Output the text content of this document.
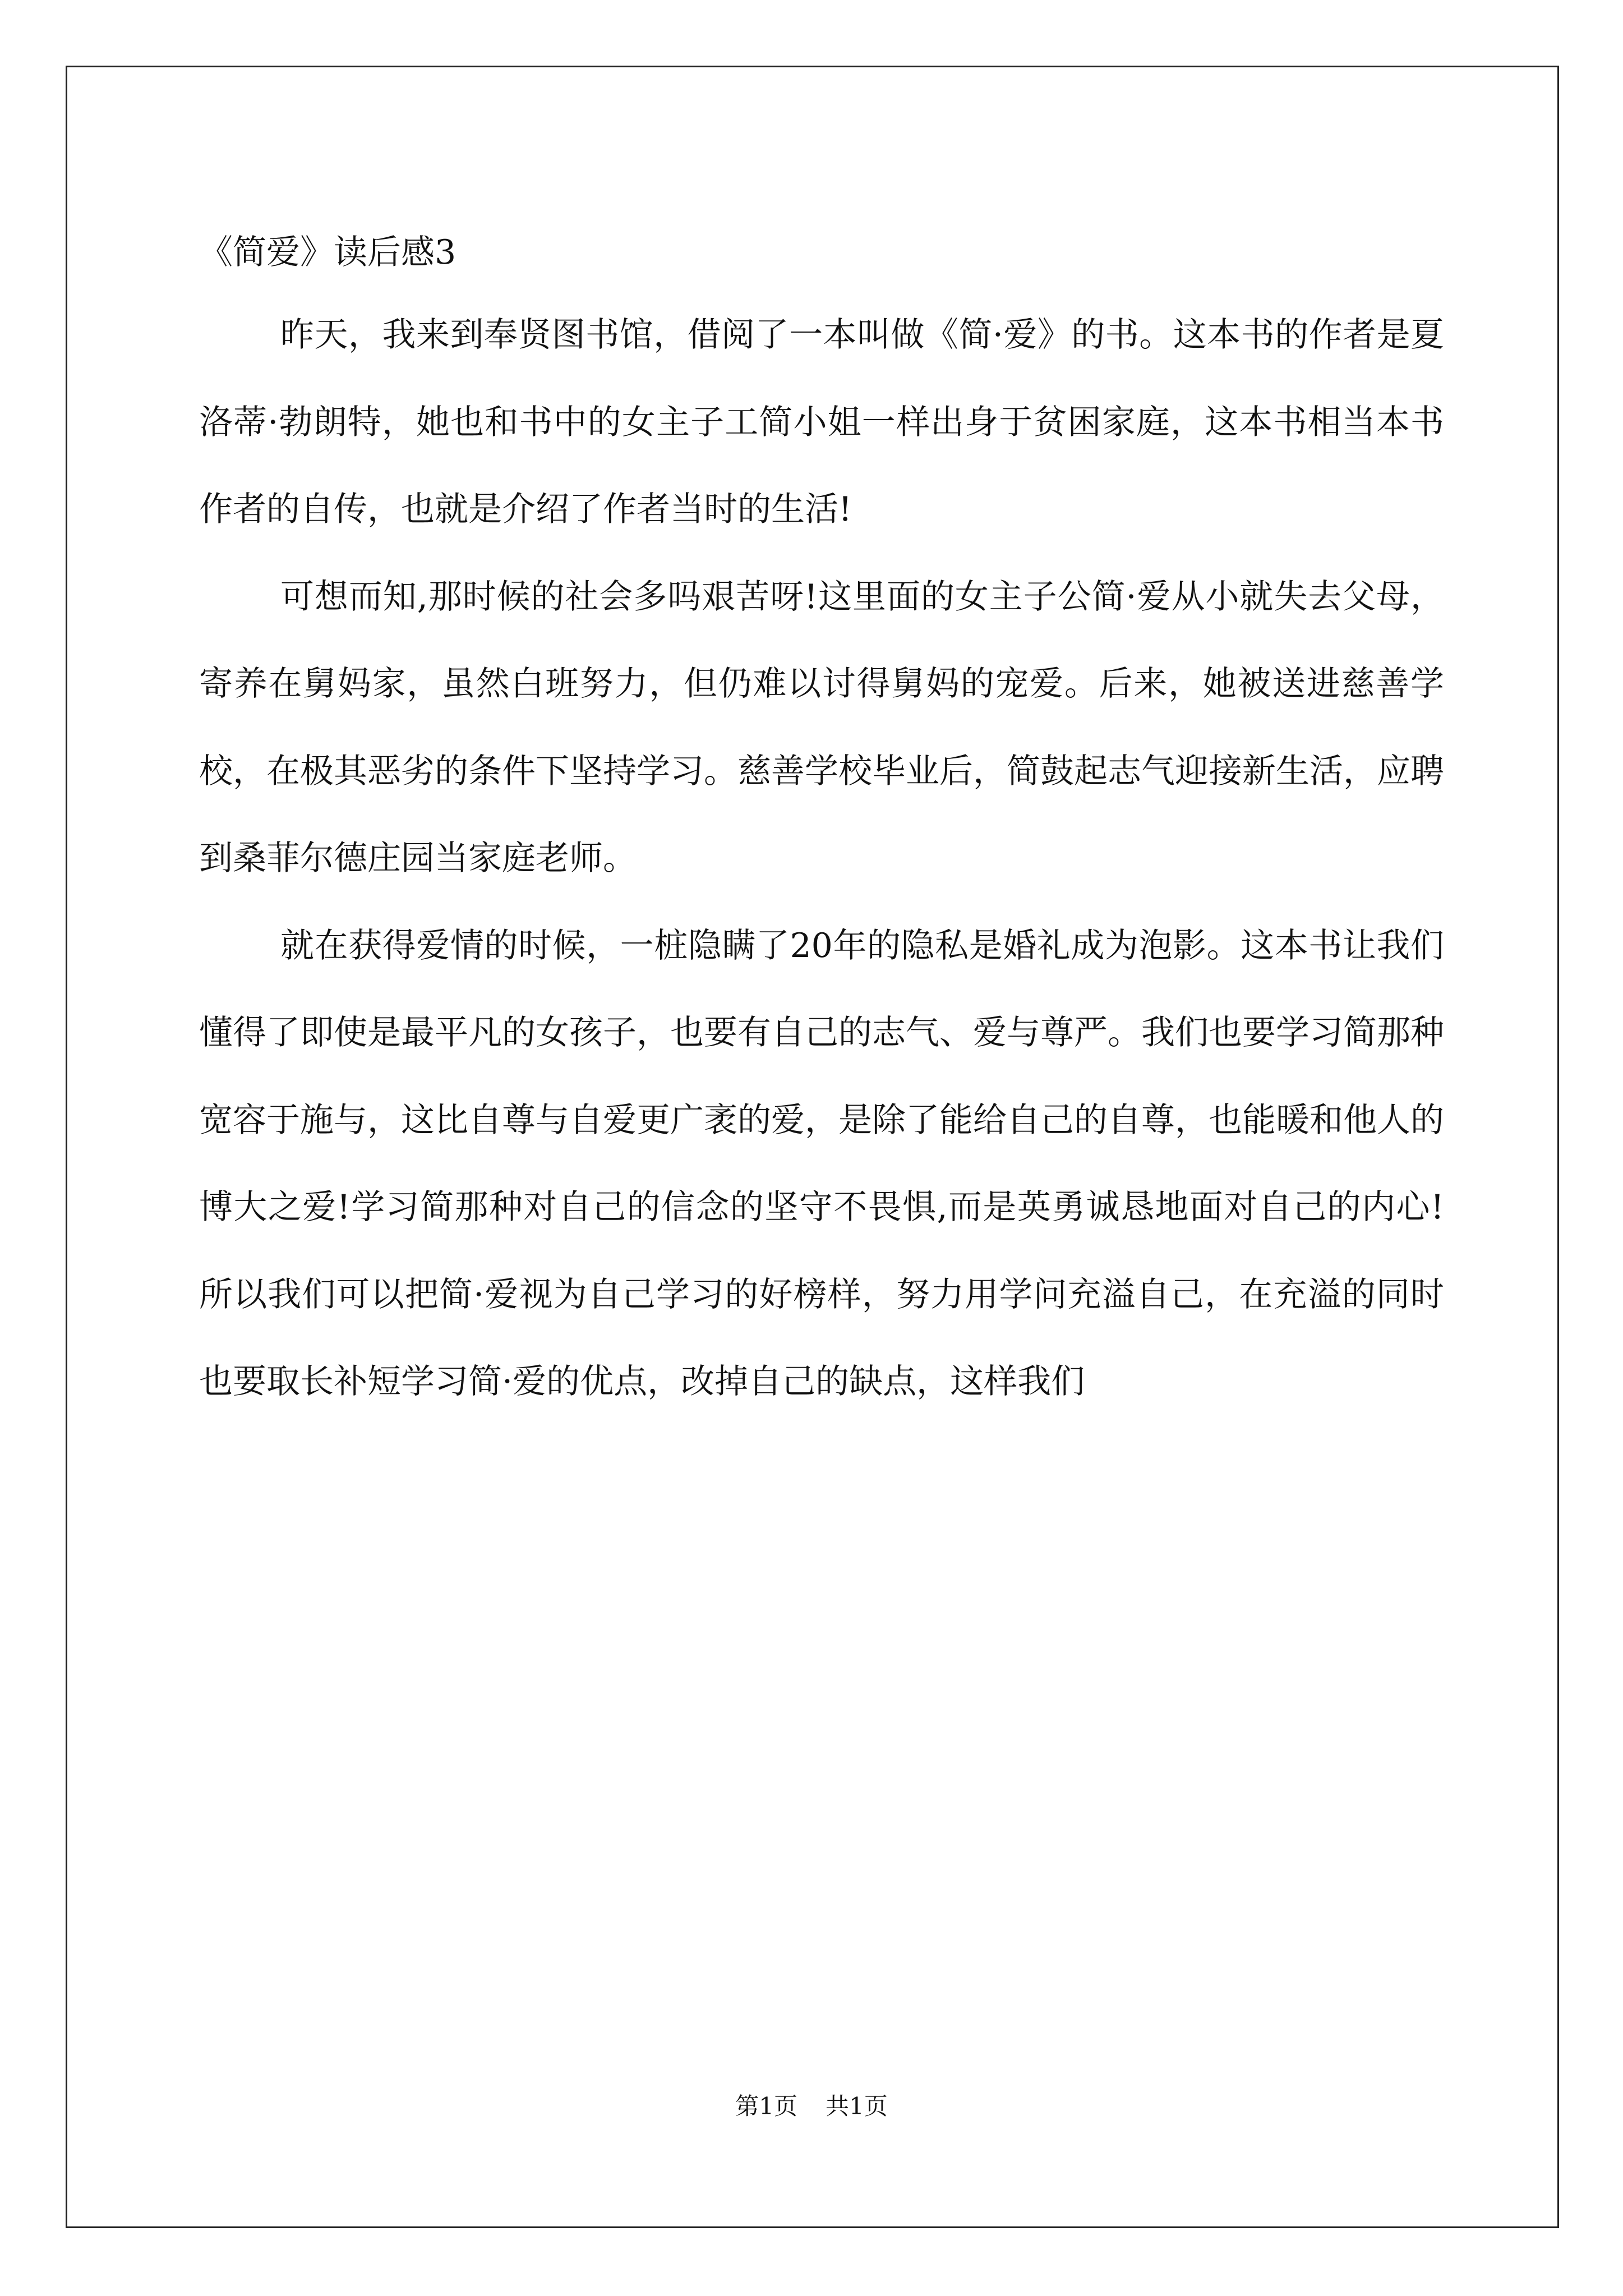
《简爱》读后感3

昨天，我来到奉贤图书馆，借阅了一本叫做《简·爱》的书。这本书的作者是夏洛蒂·勃朗特，她也和书中的女主子工简小姐一样出身于贫困家庭，这本书相当本书作者的自传，也就是介绍了作者当时的生活!

可想而知,那时候的社会多吗艰苦呀!这里面的女主子公简·爱从小就失去父母，寄养在舅妈家，虽然白班努力，但仍难以讨得舅妈的宠爱。后来，她被送进慈善学校，在极其恶劣的条件下坚持学习。慈善学校毕业后，简鼓起志气迎接新生活，应聘到桑菲尔德庄园当家庭老师。

就在获得爱情的时候，一桩隐瞒了20年的隐私是婚礼成为泡影。这本书让我们懂得了即使是最平凡的女孩子，也要有自己的志气、爱与尊严。我们也要学习简那种宽容于施与，这比自尊与自爱更广袤的爱，是除了能给自己的自尊，也能暖和他人的博大之爱!学习简那种对自己的信念的坚守不畏惧,而是英勇诚恳地面对自己的内心!所以我们可以把简·爱视为自己学习的好榜样，努力用学问充溢自己，在充溢的同时也要取长补短学习简·爱的优点，改掉自己的缺点，这样我们

第1页 共1页
